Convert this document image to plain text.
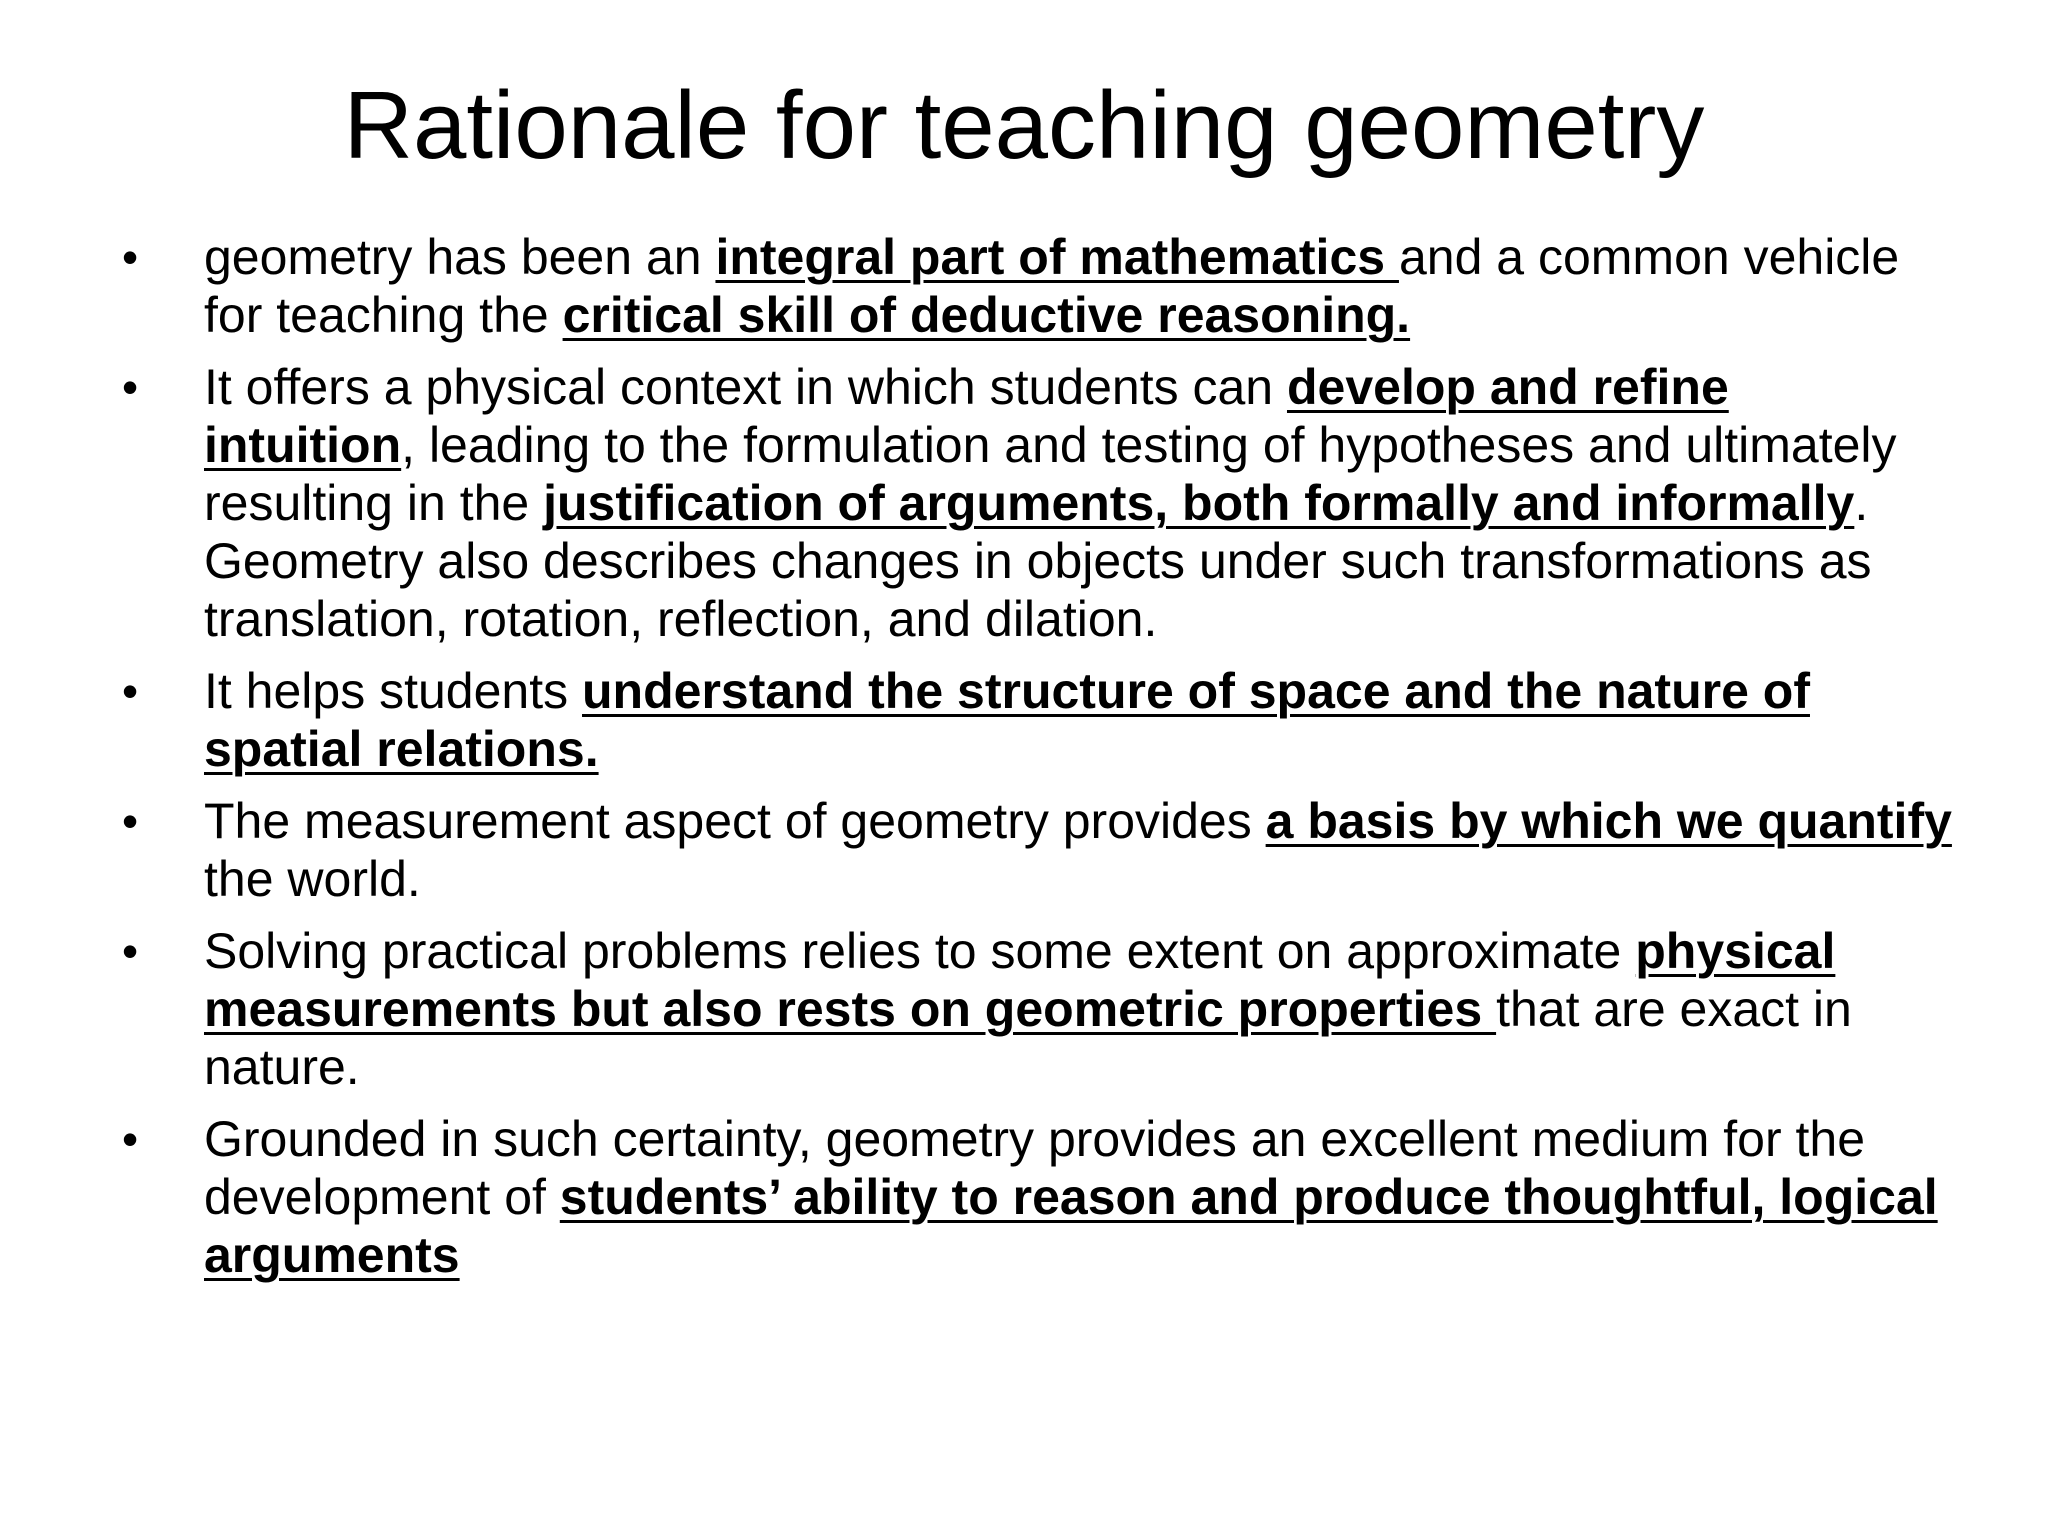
Rationale for teaching geometry
•	geometry has been an integral part of mathematics and a common vehicle for teaching the critical skill of deductive reasoning.
•	It offers a physical context in which students can develop and refine intuition, leading to the formulation and testing of hypotheses and ultimately resulting in the justification of arguments, both formally and informally. Geometry also describes changes in objects under such transformations as translation, rotation, reflection, and dilation.
•	It helps students understand the structure of space and the nature of spatial relations.
•	The measurement aspect of geometry provides a basis by which we quantify the world.
•	Solving practical problems relies to some extent on approximate physical measurements but also rests on geometric properties that are exact in nature.
•	Grounded in such certainty, geometry provides an excellent medium for the development of students’ ability to reason and produce thoughtful, logical arguments
